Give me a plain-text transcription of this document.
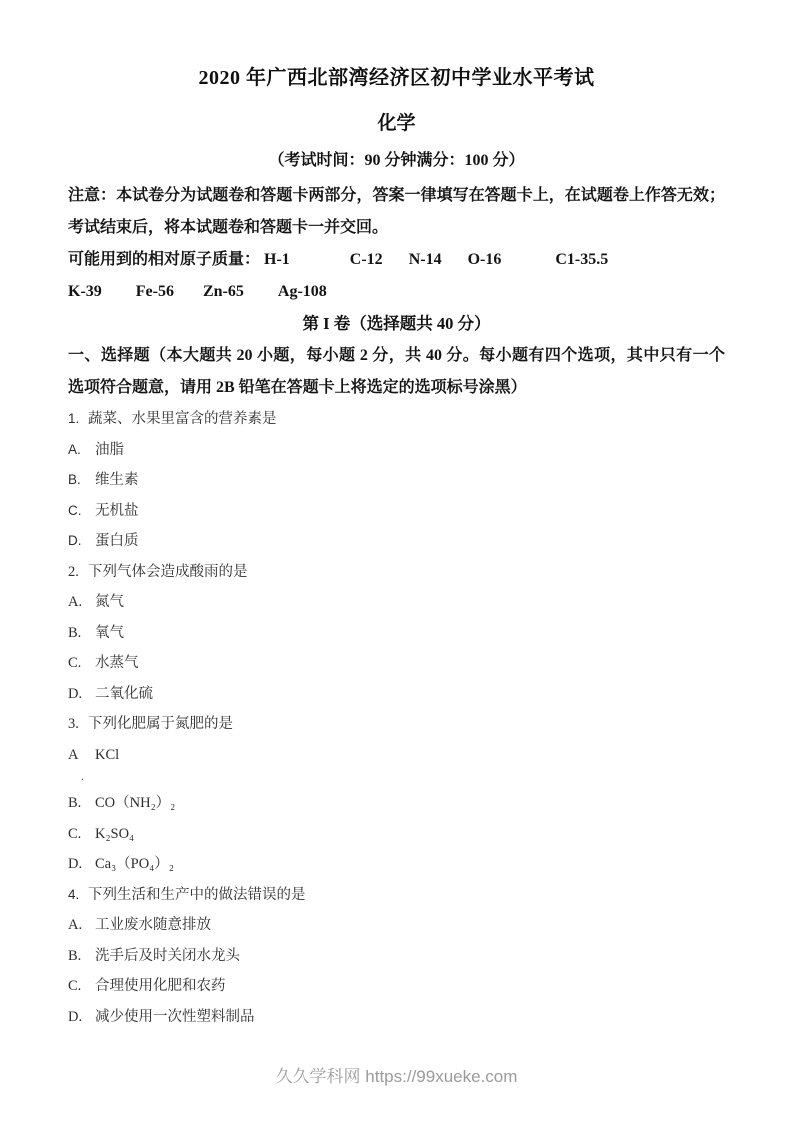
2020 年广西北部湾经济区初中学业水平考试
化学
（考试时间：90 分钟满分：100 分）
注意：本试卷分为试题卷和答题卡两部分，答案一律填写在答题卡上，在试题卷上作答无效；
考试结束后，将本试题卷和答题卡一并交回。
可能用到的相对原子质量： H-1	C-12 N-14 O-16	C1-35.5
K-39 Fe-56 Zn-65 Ag-108
第 I 卷（选择题共 40 分）
一、选择题（本大题共 20 小题，每小题 2 分，共 40 分。每小题有四个选项，其中只有一个
选项符合题意，请用 2B 铅笔在答题卡上将选定的选项标号涂黑）
1. 蔬菜、水果里富含的营养素是
A. 油脂
B. 维生素
C. 无机盐
D. 蛋白质
2. 下列气体会造成酸雨的是
A. 氮气
B. 氧气
C. 水蒸气
D. 二氧化硫
3. 下列化肥属于氮肥的是
A KCl
.
B. CO（NH₂）₂
C. K₂SO₄
D. Ca₃（PO₄）₂
4. 下列生活和生产中的做法错误的是
A. 工业废水随意排放
B. 洗手后及时关闭水龙头
C. 合理使用化肥和农药
D. 减少使用一次性塑料制品
久久学科网 https://99xueke.com
